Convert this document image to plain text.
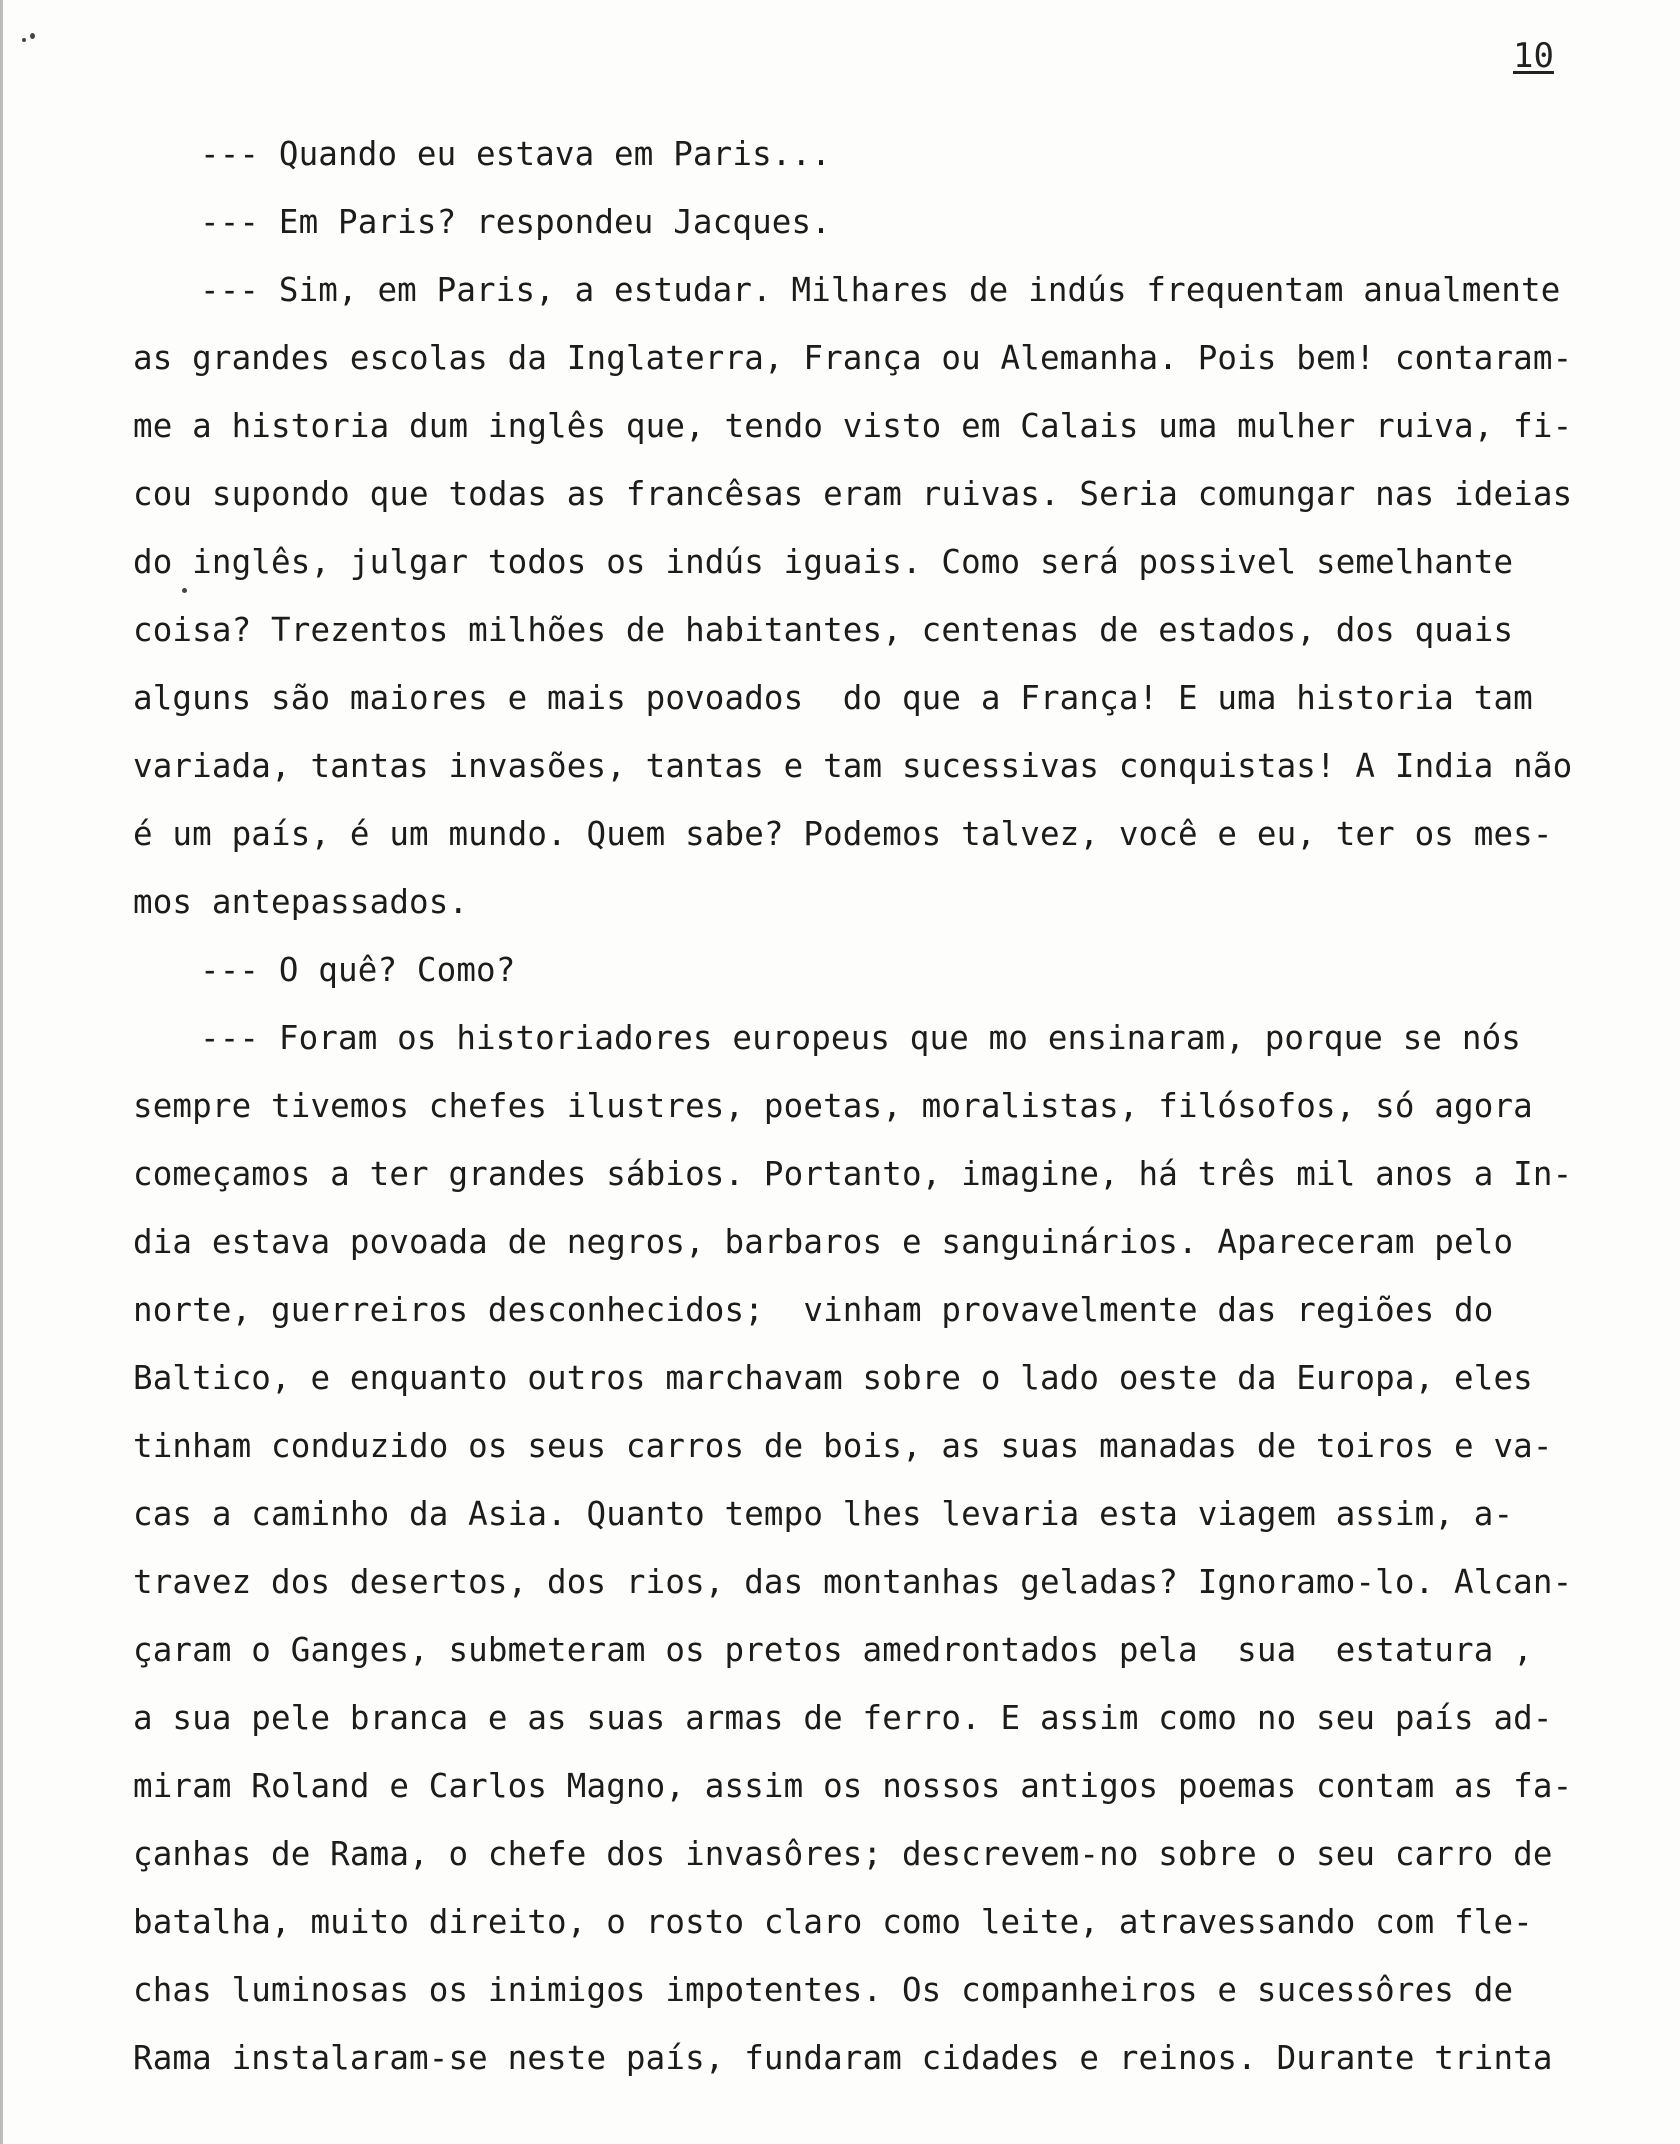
10
--- Quando eu estava em Paris...
--- Em Paris? respondeu Jacques.
--- Sim, em Paris, a estudar. Milhares de indús frequentam anualmente
as grandes escolas da Inglaterra, França ou Alemanha. Pois bem! contaram-
me a historia dum inglês que, tendo visto em Calais uma mulher ruiva, fi-
cou supondo que todas as francêsas eram ruivas. Seria comungar nas ideias
do inglês, julgar todos os indús iguais. Como será possivel semelhante
coisa? Trezentos milhões de habitantes, centenas de estados, dos quais
alguns são maiores e mais povoados  do que a França! E uma historia tam
variada, tantas invasões, tantas e tam sucessivas conquistas! A India não
é um país, é um mundo. Quem sabe? Podemos talvez, você e eu, ter os mes-
mos antepassados.
--- O quê? Como?
--- Foram os historiadores europeus que mo ensinaram, porque se nós
sempre tivemos chefes ilustres, poetas, moralistas, filósofos, só agora
começamos a ter grandes sábios. Portanto, imagine, há três mil anos a In-
dia estava povoada de negros, barbaros e sanguinários. Apareceram pelo
norte, guerreiros desconhecidos;  vinham provavelmente das regiões do
Baltico, e enquanto outros marchavam sobre o lado oeste da Europa, eles
tinham conduzido os seus carros de bois, as suas manadas de toiros e va-
cas a caminho da Asia. Quanto tempo lhes levaria esta viagem assim, a-
travez dos desertos, dos rios, das montanhas geladas? Ignoramo-lo. Alcan-
çaram o Ganges, submeteram os pretos amedrontados pela  sua  estatura ,
a sua pele branca e as suas armas de ferro. E assim como no seu país ad-
miram Roland e Carlos Magno, assim os nossos antigos poemas contam as fa-
çanhas de Rama, o chefe dos invasôres; descrevem-no sobre o seu carro de
batalha, muito direito, o rosto claro como leite, atravessando com fle-
chas luminosas os inimigos impotentes. Os companheiros e sucessôres de
Rama instalaram-se neste país, fundaram cidades e reinos. Durante trinta
